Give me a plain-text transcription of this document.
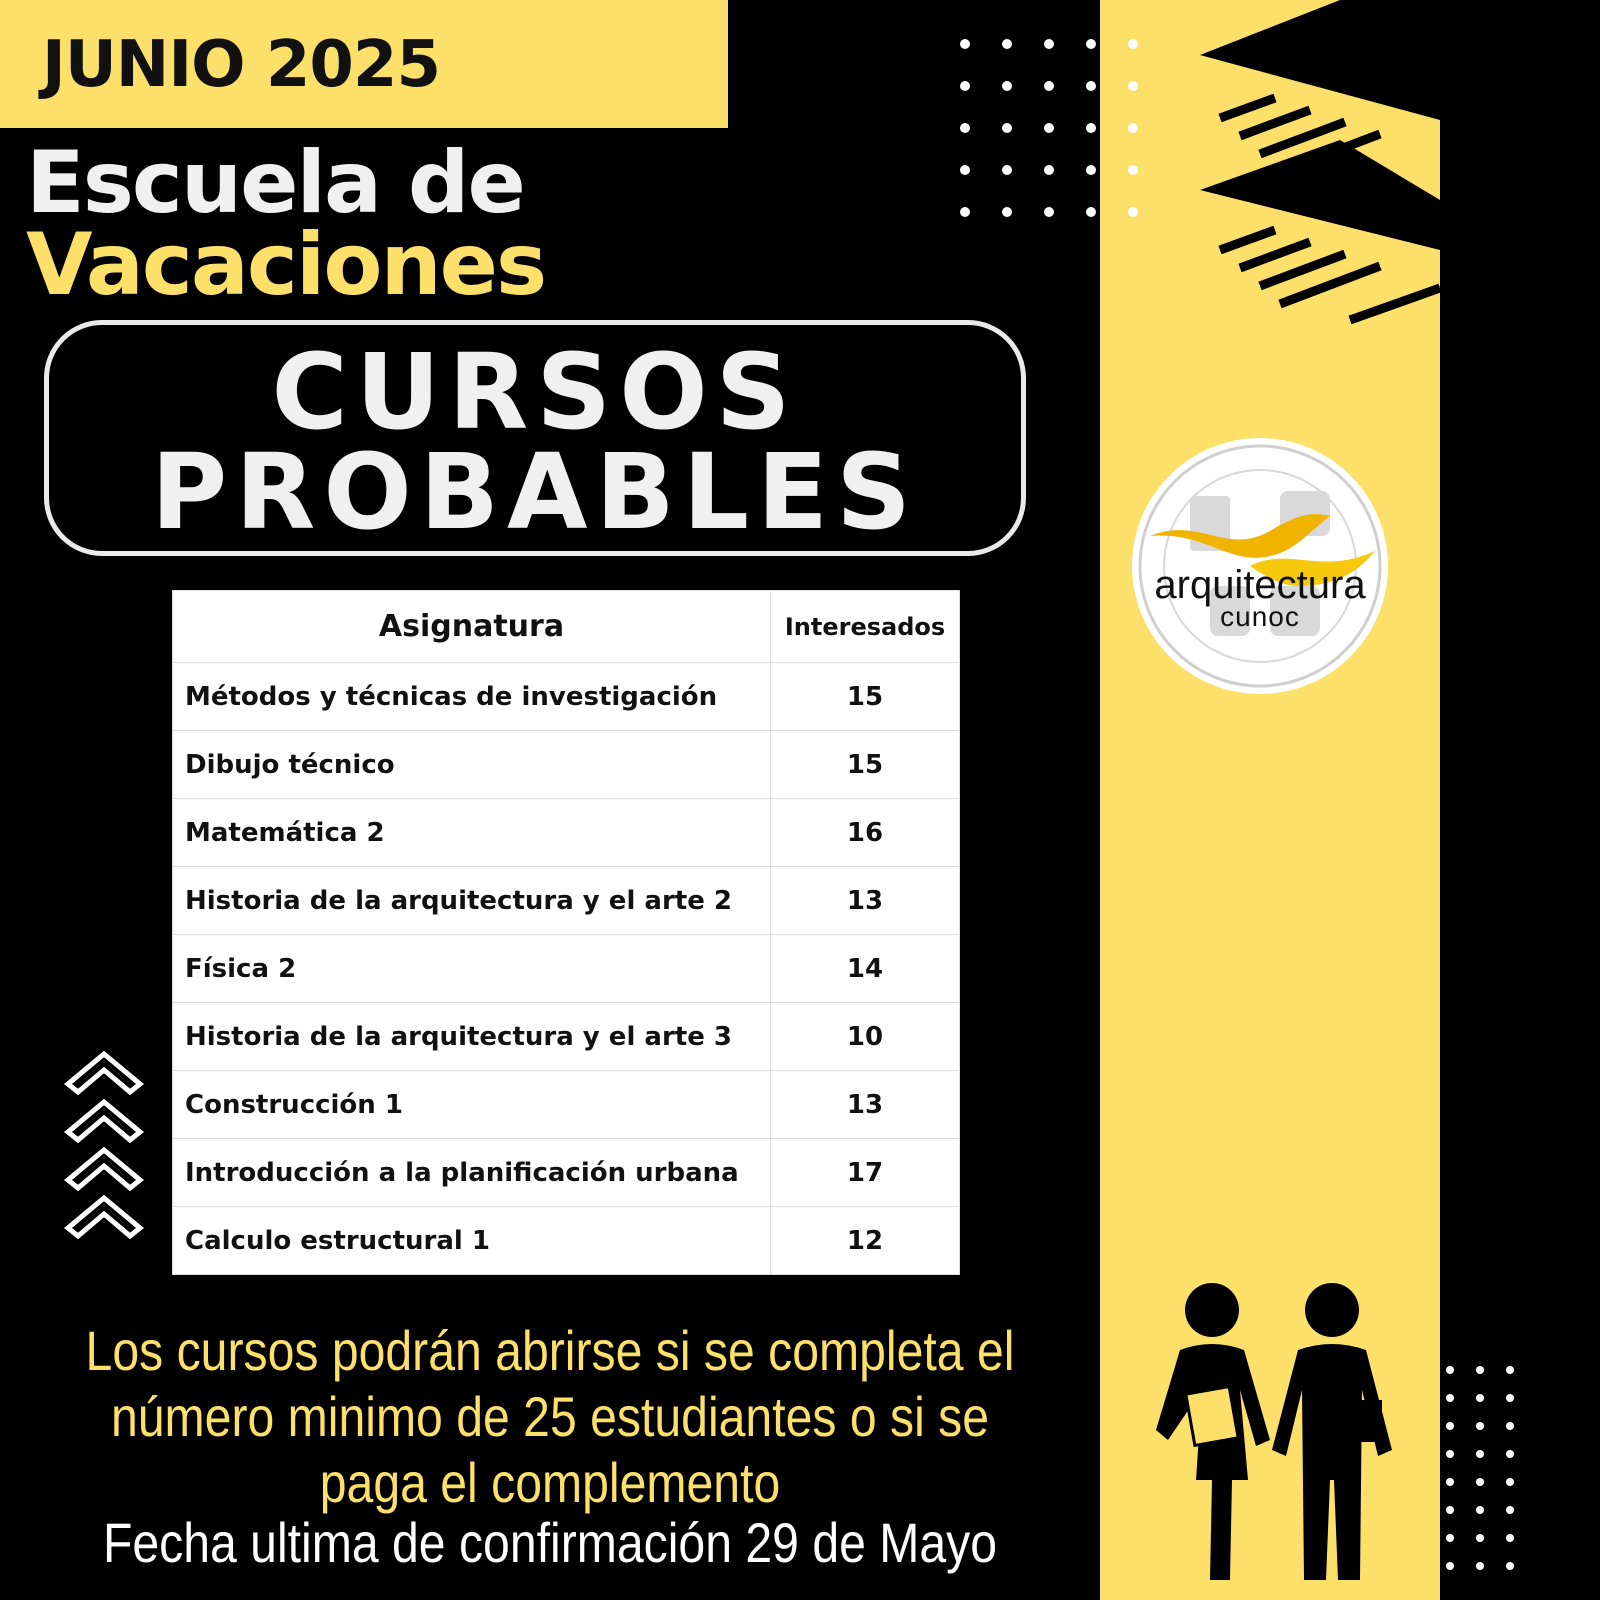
JUNIO 2025
Escuela de
Vacaciones
CURSOS
PROBABLES
arquitectura
cunoc
Asignatura	Interesados
Métodos y técnicas de investigación	15
Dibujo técnico	15
Matemática 2	16
Historia de la arquitectura y el arte 2	13
Física 2	14
Historia de la arquitectura y el arte 3	10
Construcción 1	13
Introducción a la planificación urbana	17
Calculo estructural 1	12
Los cursos podrán abrirse si se completa el
número minimo de 25 estudiantes o si se
paga el complemento
Fecha ultima de confirmación 29 de Mayo
